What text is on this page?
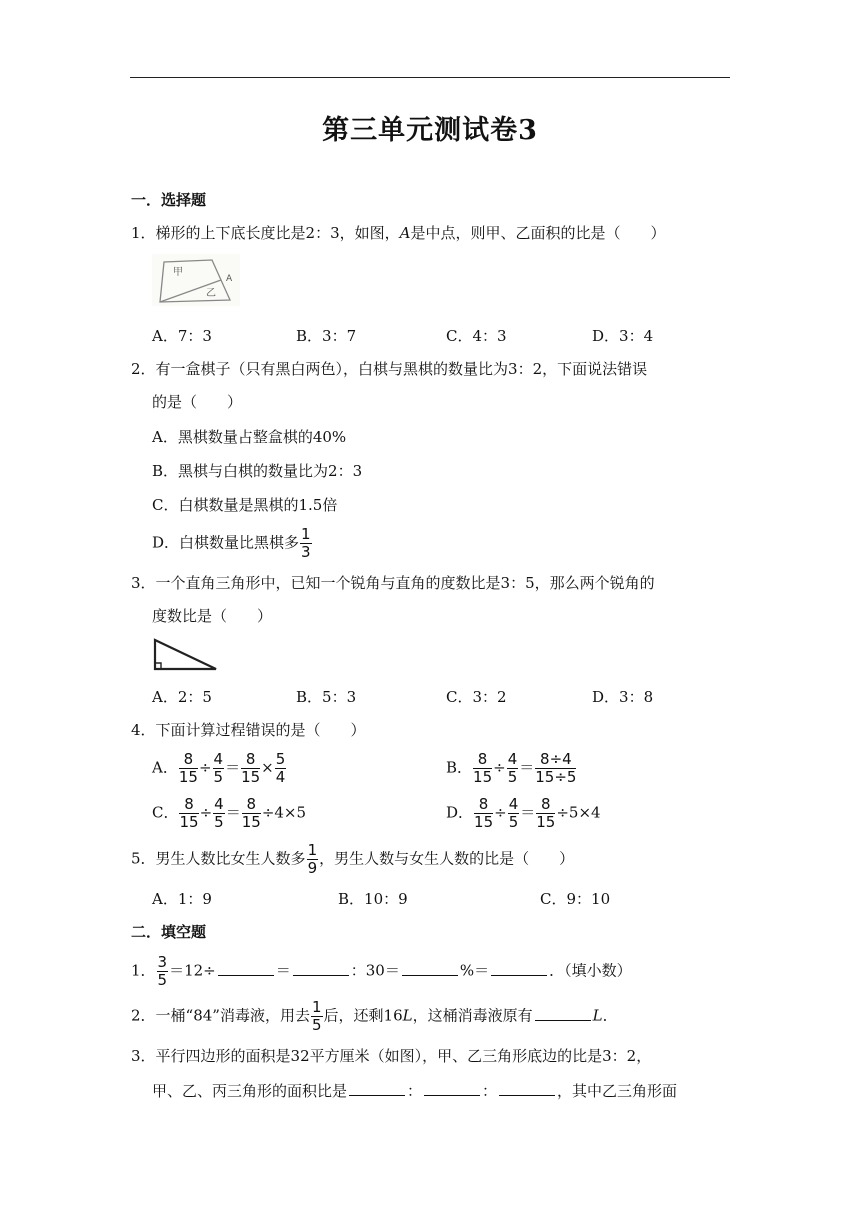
第三单元测试卷3
一．选择题
1．梯形的上下底长度比是2：3，如图，A是中点，则甲、乙面积的比是（　　）
甲
乙
A
A．7：3	B．3：7	C．4：3	D．3：4
2．有一盒棋子（只有黑白两色），白棋与黑棋的数量比为3：2，下面说法错误
的是（　　）
A．黑棋数量占整盒棋的40%
B．黑棋与白棋的数量比为2：3
C．白棋数量是黑棋的1.5倍
D．白棋数量比黑棋多 $\frac{1}{3}$
3．一个直角三角形中，已知一个锐角与直角的度数比是3：5，那么两个锐角的
度数比是（　　）
A．2：5	B．5：3	C．3：2	D．3：8
4．下面计算过程错误的是（　　）
A． $\frac{8}{15} \div \frac{4}{5} = \frac{8}{15} \times \frac{5}{4}$	B． $\frac{8}{15} \div \frac{4}{5} = \frac{8\div 4}{15\div 5}$
C． $\frac{8}{15} \div \frac{4}{5} = \frac{8}{15} \div 4\times 5$	D． $\frac{8}{15} \div \frac{4}{5} = \frac{8}{15} \div 5\times 4$
5．男生人数比女生人数多 $\frac{1}{9}$ ，男生人数与女生人数的比是（　　）
A．1：9	B．10：9	C．9：10
二．填空题
1． $\frac{3}{5} =12\div$	＝	：30＝	%＝	．（填小数）
2．一桶“84”消毒液，用去 $\frac{1}{5}$ 后，还剩16L，这桶消毒液原有	L．
3．平行四边形的面积是32平方厘米（如图），甲、乙三角形底边的比是3：2，
甲、乙、丙三角形的面积比是	：	：	，其中乙三角形面
